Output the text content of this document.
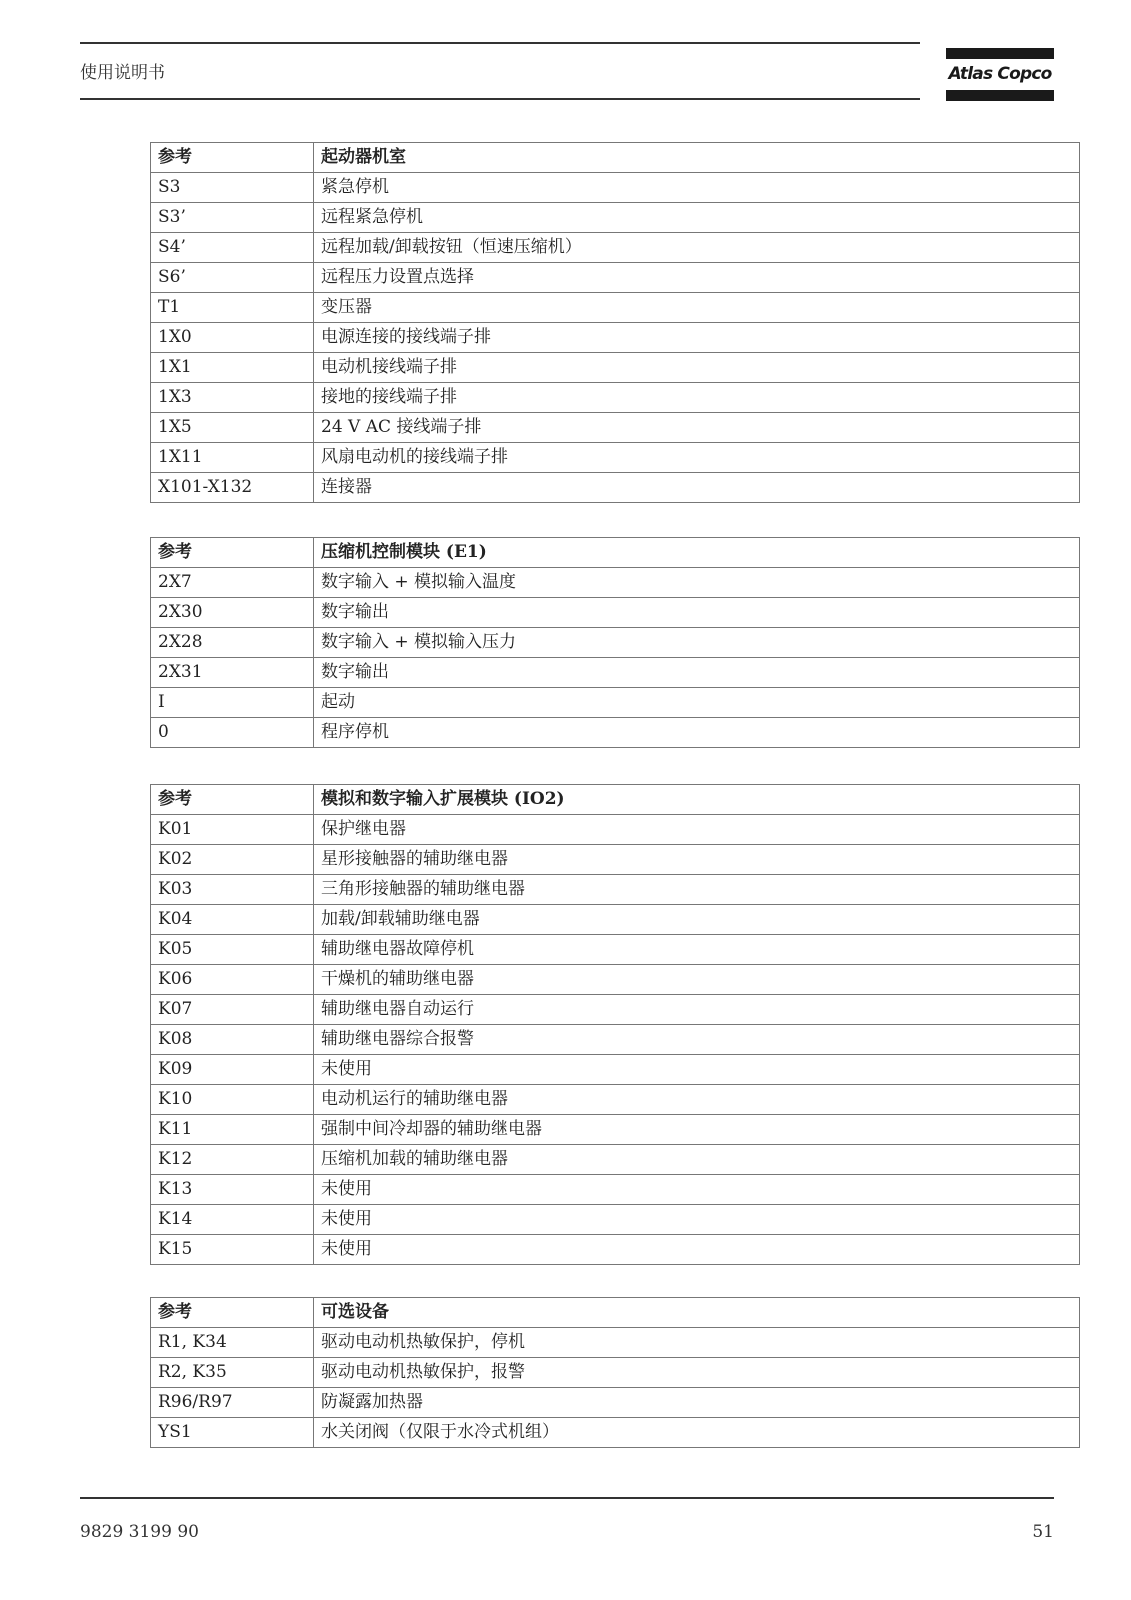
使用说明书	Atlas Copco
参考	起动器机室
S3	紧急停机
S3’	远程紧急停机
S4’	远程加载/卸载按钮（恒速压缩机）
S6’	远程压力设置点选择
T1	变压器
1X0	电源连接的接线端子排
1X1	电动机接线端子排
1X3	接地的接线端子排
1X5	24 V AC 接线端子排
1X11	风扇电动机的接线端子排
X101-X132	连接器
参考	压缩机控制模块 (E1)
2X7	数字输入 + 模拟输入温度
2X30	数字输出
2X28	数字输入 + 模拟输入压力
2X31	数字输出
I	起动
0	程序停机
参考	模拟和数字输入扩展模块 (IO2)
K01	保护继电器
K02	星形接触器的辅助继电器
K03	三角形接触器的辅助继电器
K04	加载/卸载辅助继电器
K05	辅助继电器故障停机
K06	干燥机的辅助继电器
K07	辅助继电器自动运行
K08	辅助继电器综合报警
K09	未使用
K10	电动机运行的辅助继电器
K11	强制中间冷却器的辅助继电器
K12	压缩机加载的辅助继电器
K13	未使用
K14	未使用
K15	未使用
参考	可选设备
R1, K34	驱动电动机热敏保护，停机
R2, K35	驱动电动机热敏保护，报警
R96/R97	防凝露加热器
YS1	水关闭阀（仅限于水冷式机组）
9829 3199 90	51
